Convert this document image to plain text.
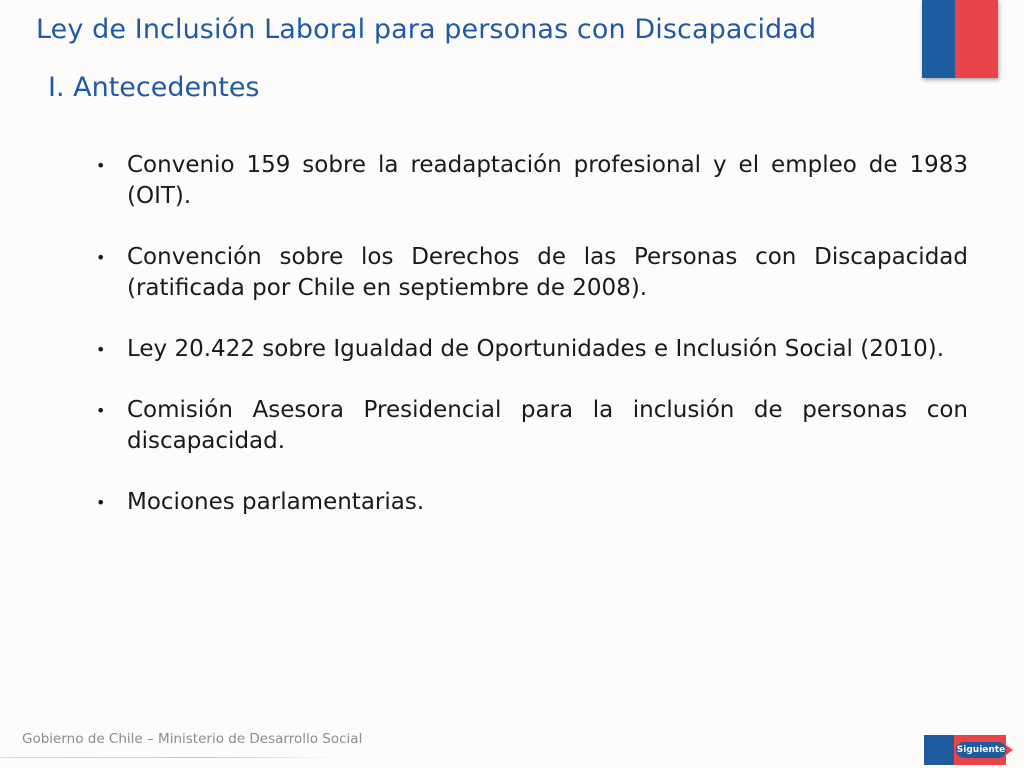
Ley de Inclusión Laboral para personas con Discapacidad
I. Antecedentes
• Convenio 159 sobre la readaptación profesional y el empleo de 1983 (OIT).
• Convención sobre los Derechos de las Personas con Discapacidad (ratificada por Chile en septiembre de 2008).
• Ley 20.422 sobre Igualdad de Oportunidades e Inclusión Social (2010).
• Comisión Asesora Presidencial para la inclusión de personas con discapacidad.
• Mociones parlamentarias.
Gobierno de Chile – Ministerio de Desarrollo Social
Siguiente
